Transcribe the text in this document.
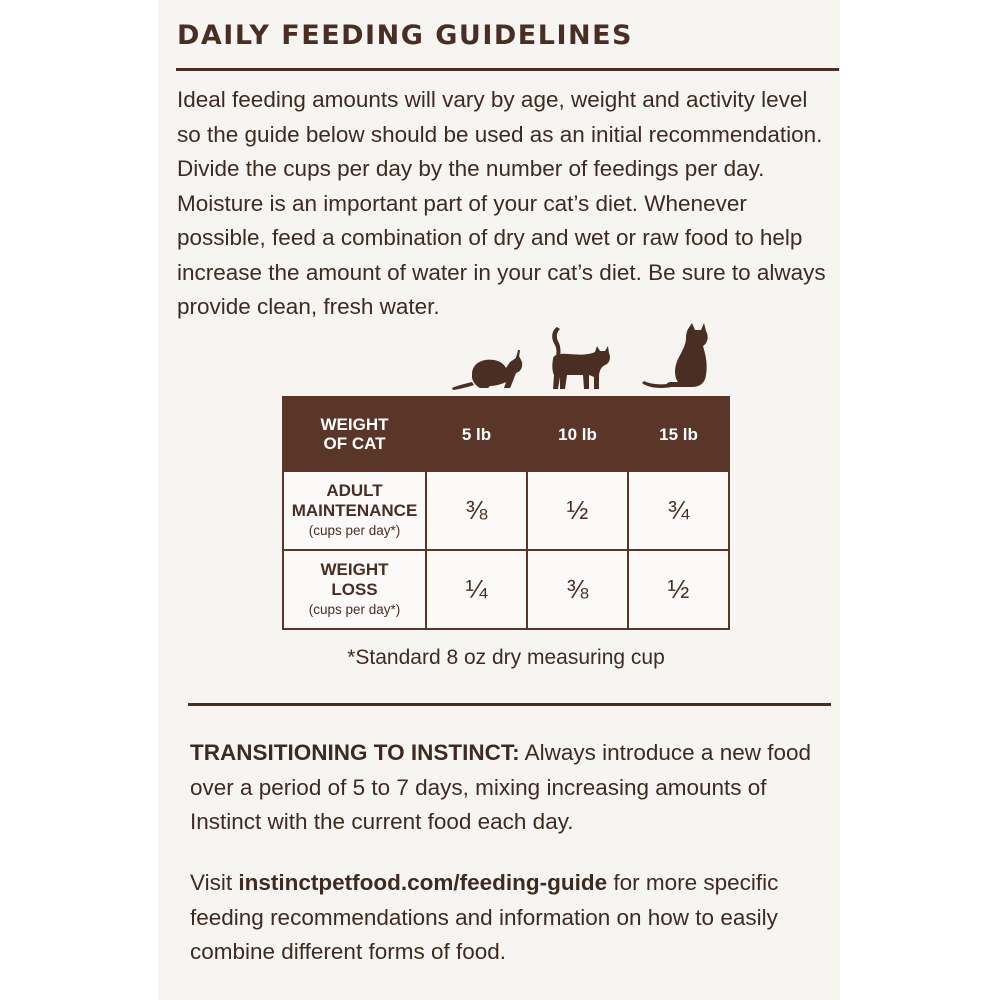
DAILY FEEDING GUIDELINES

Ideal feeding amounts will vary by age, weight and activity level
so the guide below should be used as an initial recommendation.
Divide the cups per day by the number of feedings per day.
Moisture is an important part of your cat’s diet. Whenever
possible, feed a combination of dry and wet or raw food to help
increase the amount of water in your cat’s diet. Be sure to always
provide clean, fresh water.

WEIGHT
OF CAT	5 lb	10 lb	15 lb
ADULT
MAINTENANCE
(cups per day*)	⅜	½	¾
WEIGHT
LOSS
(cups per day*)	¼	⅜	½
*Standard 8 oz dry measuring cup

TRANSITIONING TO INSTINCT: Always introduce a new food
over a period of 5 to 7 days, mixing increasing amounts of
Instinct with the current food each day.

Visit instinctpetfood.com/feeding-guide for more specific
feeding recommendations and information on how to easily
combine different forms of food.
